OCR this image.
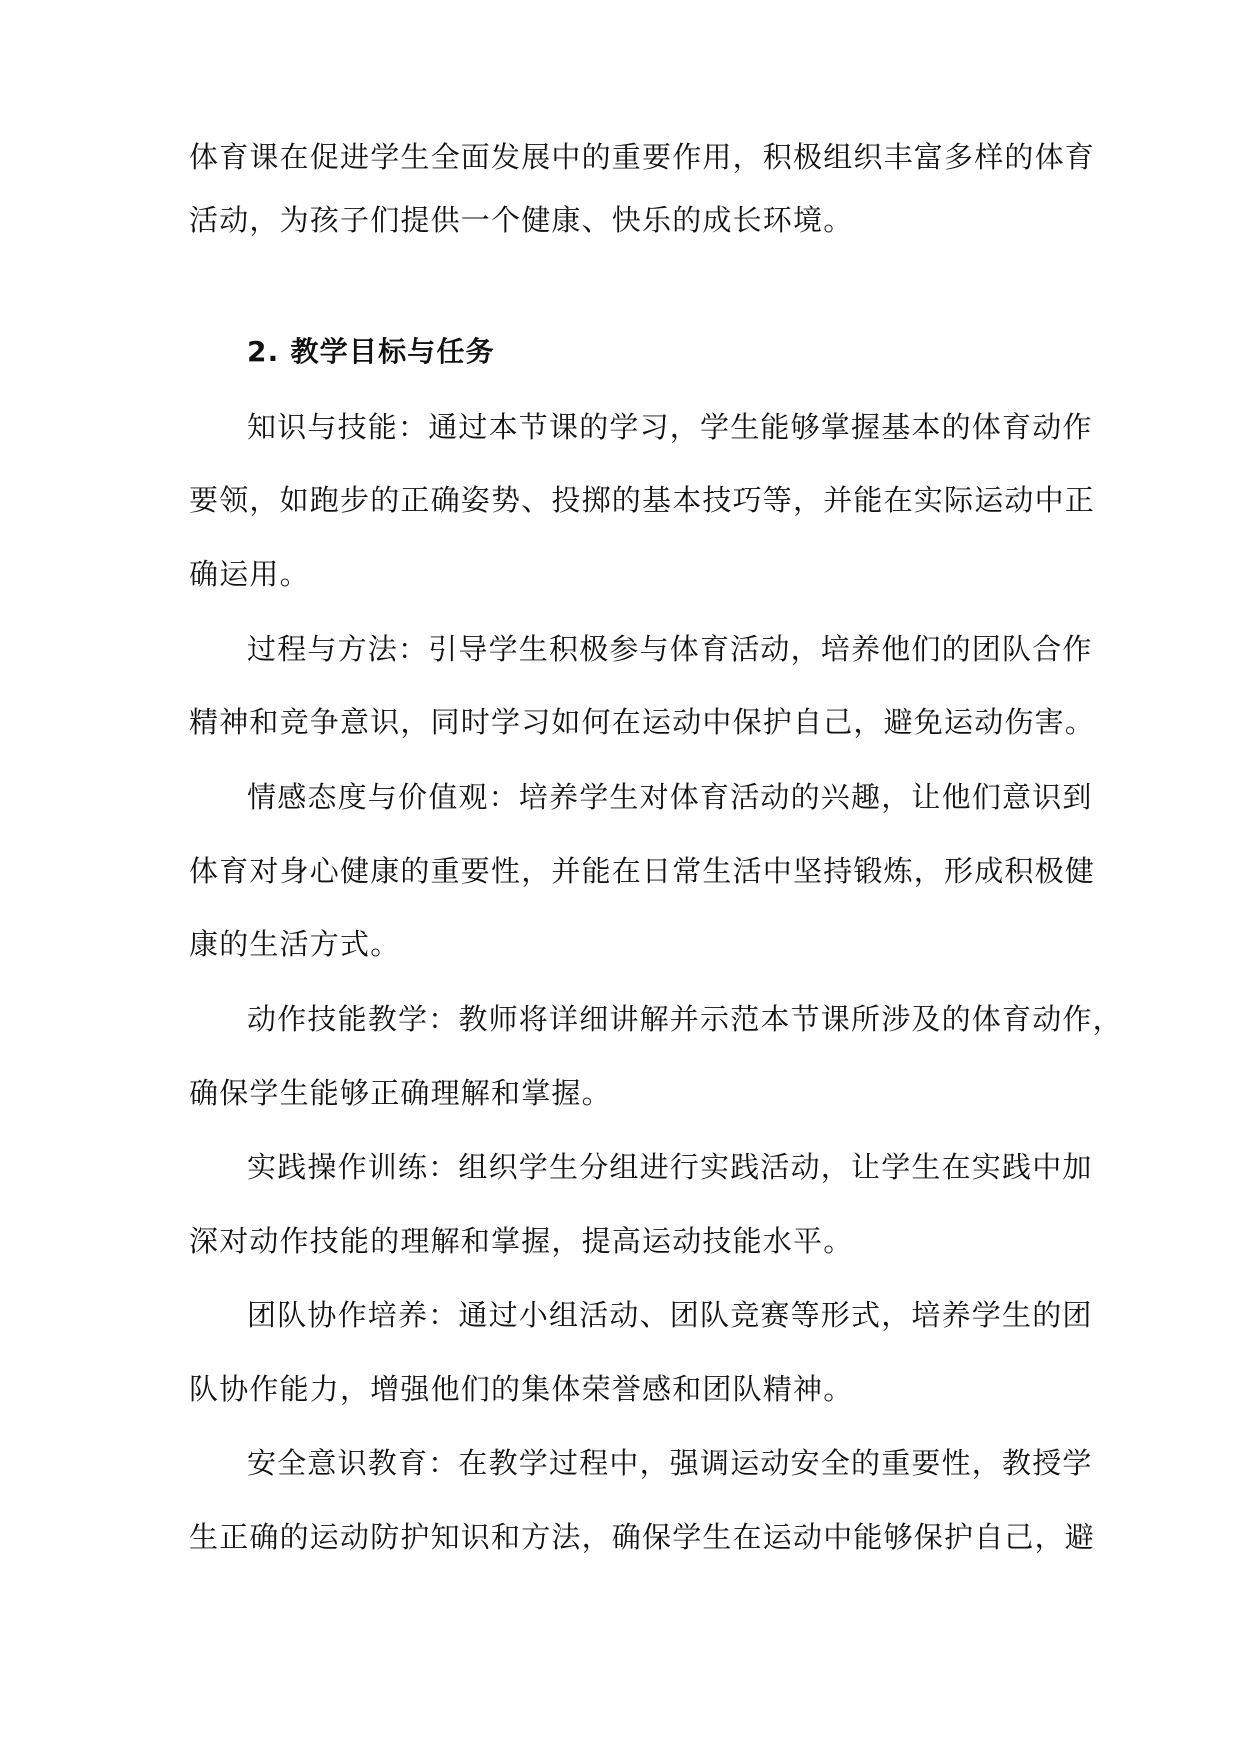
体育课在促进学生全面发展中的重要作用，积极组织丰富多样的体育
活动，为孩子们提供一个健康、快乐的成长环境。
2. 教学目标与任务
知识与技能：通过本节课的学习，学生能够掌握基本的体育动作
要领，如跑步的正确姿势、投掷的基本技巧等，并能在实际运动中正
确运用。
过程与方法：引导学生积极参与体育活动，培养他们的团队合作
精神和竞争意识，同时学习如何在运动中保护自己，避免运动伤害。
情感态度与价值观：培养学生对体育活动的兴趣，让他们意识到
体育对身心健康的重要性，并能在日常生活中坚持锻炼，形成积极健
康的生活方式。
动作技能教学：教师将详细讲解并示范本节课所涉及的体育动作，
确保学生能够正确理解和掌握。
实践操作训练：组织学生分组进行实践活动，让学生在实践中加
深对动作技能的理解和掌握，提高运动技能水平。
团队协作培养：通过小组活动、团队竞赛等形式，培养学生的团
队协作能力，增强他们的集体荣誉感和团队精神。
安全意识教育：在教学过程中，强调运动安全的重要性，教授学
生正确的运动防护知识和方法，确保学生在运动中能够保护自己，避
